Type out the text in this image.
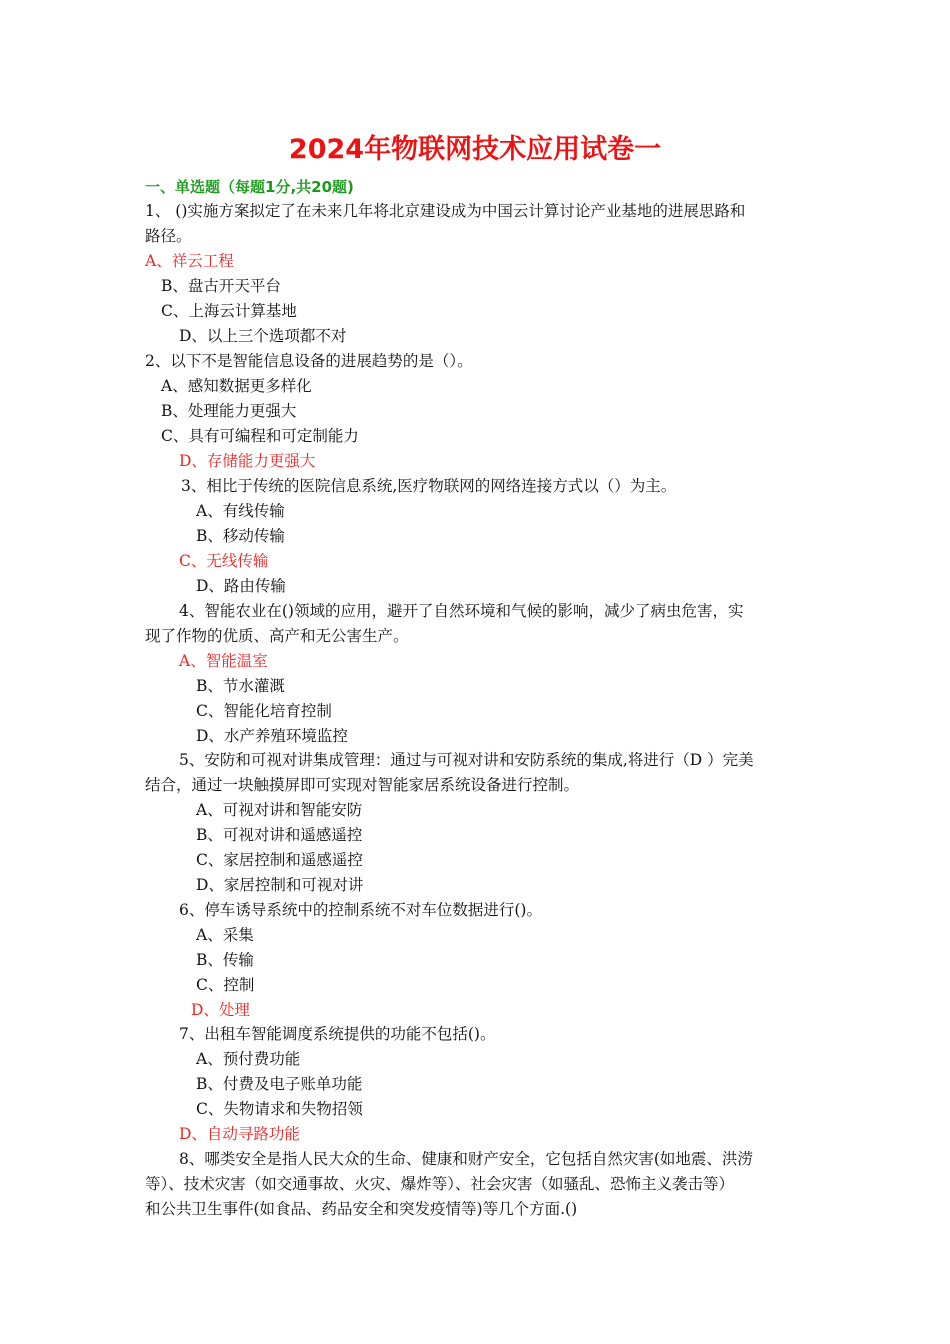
2024年物联网技术应用试卷一
一、单选题（每题1分,共20题)
1、 ()实施方案拟定了在未来几年将北京建设成为中国云计算讨论产业基地的进展思路和
路径。
A、祥云工程
B、盘古开天平台
C、上海云计算基地
D、以上三个选项都不对
2、以下不是智能信息设备的进展趋势的是（）。
A、感知数据更多样化
B、处理能力更强大
C、具有可编程和可定制能力
D、存储能力更强大
3、相比于传统的医院信息系统,医疗物联网的网络连接方式以（）为主。
A、有线传输
B、移动传输
C、无线传输
D、路由传输
4、智能农业在()领域的应用，避开了自然环境和气候的影响，减少了病虫危害，实
现了作物的优质、高产和无公害生产。
A、智能温室
B、节水灌溉
C、智能化培育控制
D、水产养殖环境监控
5、安防和可视对讲集成管理：通过与可视对讲和安防系统的集成,将进行（D ）完美
结合，通过一块触摸屏即可实现对智能家居系统设备进行控制。
A、可视对讲和智能安防
B、可视对讲和遥感遥控
C、家居控制和遥感遥控
D、家居控制和可视对讲
6、停车诱导系统中的控制系统不对车位数据进行()。
A、采集
B、传输
C、控制
D、处理
7、出租车智能调度系统提供的功能不包括()。
A、预付费功能
B、付费及电子账单功能
C、失物请求和失物招领
D、自动寻路功能
8、哪类安全是指人民大众的生命、健康和财产安全，它包括自然灾害(如地震、洪涝
等）、技术灾害（如交通事故、火灾、爆炸等）、社会灾害（如骚乱、恐怖主义袭击等）
和公共卫生事件(如食品、药品安全和突发疫情等)等几个方面.()
